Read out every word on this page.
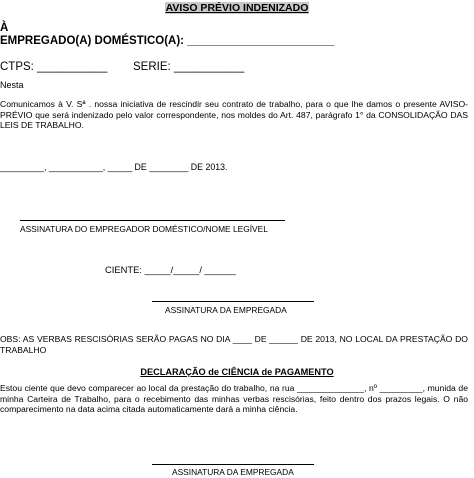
AVISO PRÉVIO INDENIZADO
À
EMPREGADO(A) DOMÉSTICO(A): _______________________
CTPS: ___________ SERIE: ___________
Nesta
Comunicamos à V. Sª . nossa iniciativa de rescindir seu contrato de trabalho, para o que lhe damos o presente AVISO-PRÉVIO que será indenizado pelo valor correspondente, nos moldes do Art. 487, parágrafo 1° da CONSOLIDAÇÃO DAS LEIS DE TRABALHO.
_________, ___________, _____ DE ________ DE 2013.
ASSINATURA DO EMPREGADOR DOMÉSTICO/NOME LEGÍVEL
CIENTE: _____/_____/ ______
ASSINATURA DA EMPREGADA
OBS: AS VERBAS RESCISÓRIAS SERÃO PAGAS NO DIA ____ DE ______ DE 2013, NO LOCAL DA PRESTAÇÃO DO TRABALHO
DECLARAÇÃO de CIÊNCIA de PAGAMENTO
Estou ciente que devo comparecer ao local da prestação do trabalho, na rua ______________, nº _________, munida de minha Carteira de Trabalho, para o recebimento das minhas verbas rescisórias, feito dentro dos prazos legais. O não comparecimento na data acima citada automaticamente dará a minha ciência.
ASSINATURA DA EMPREGADA
